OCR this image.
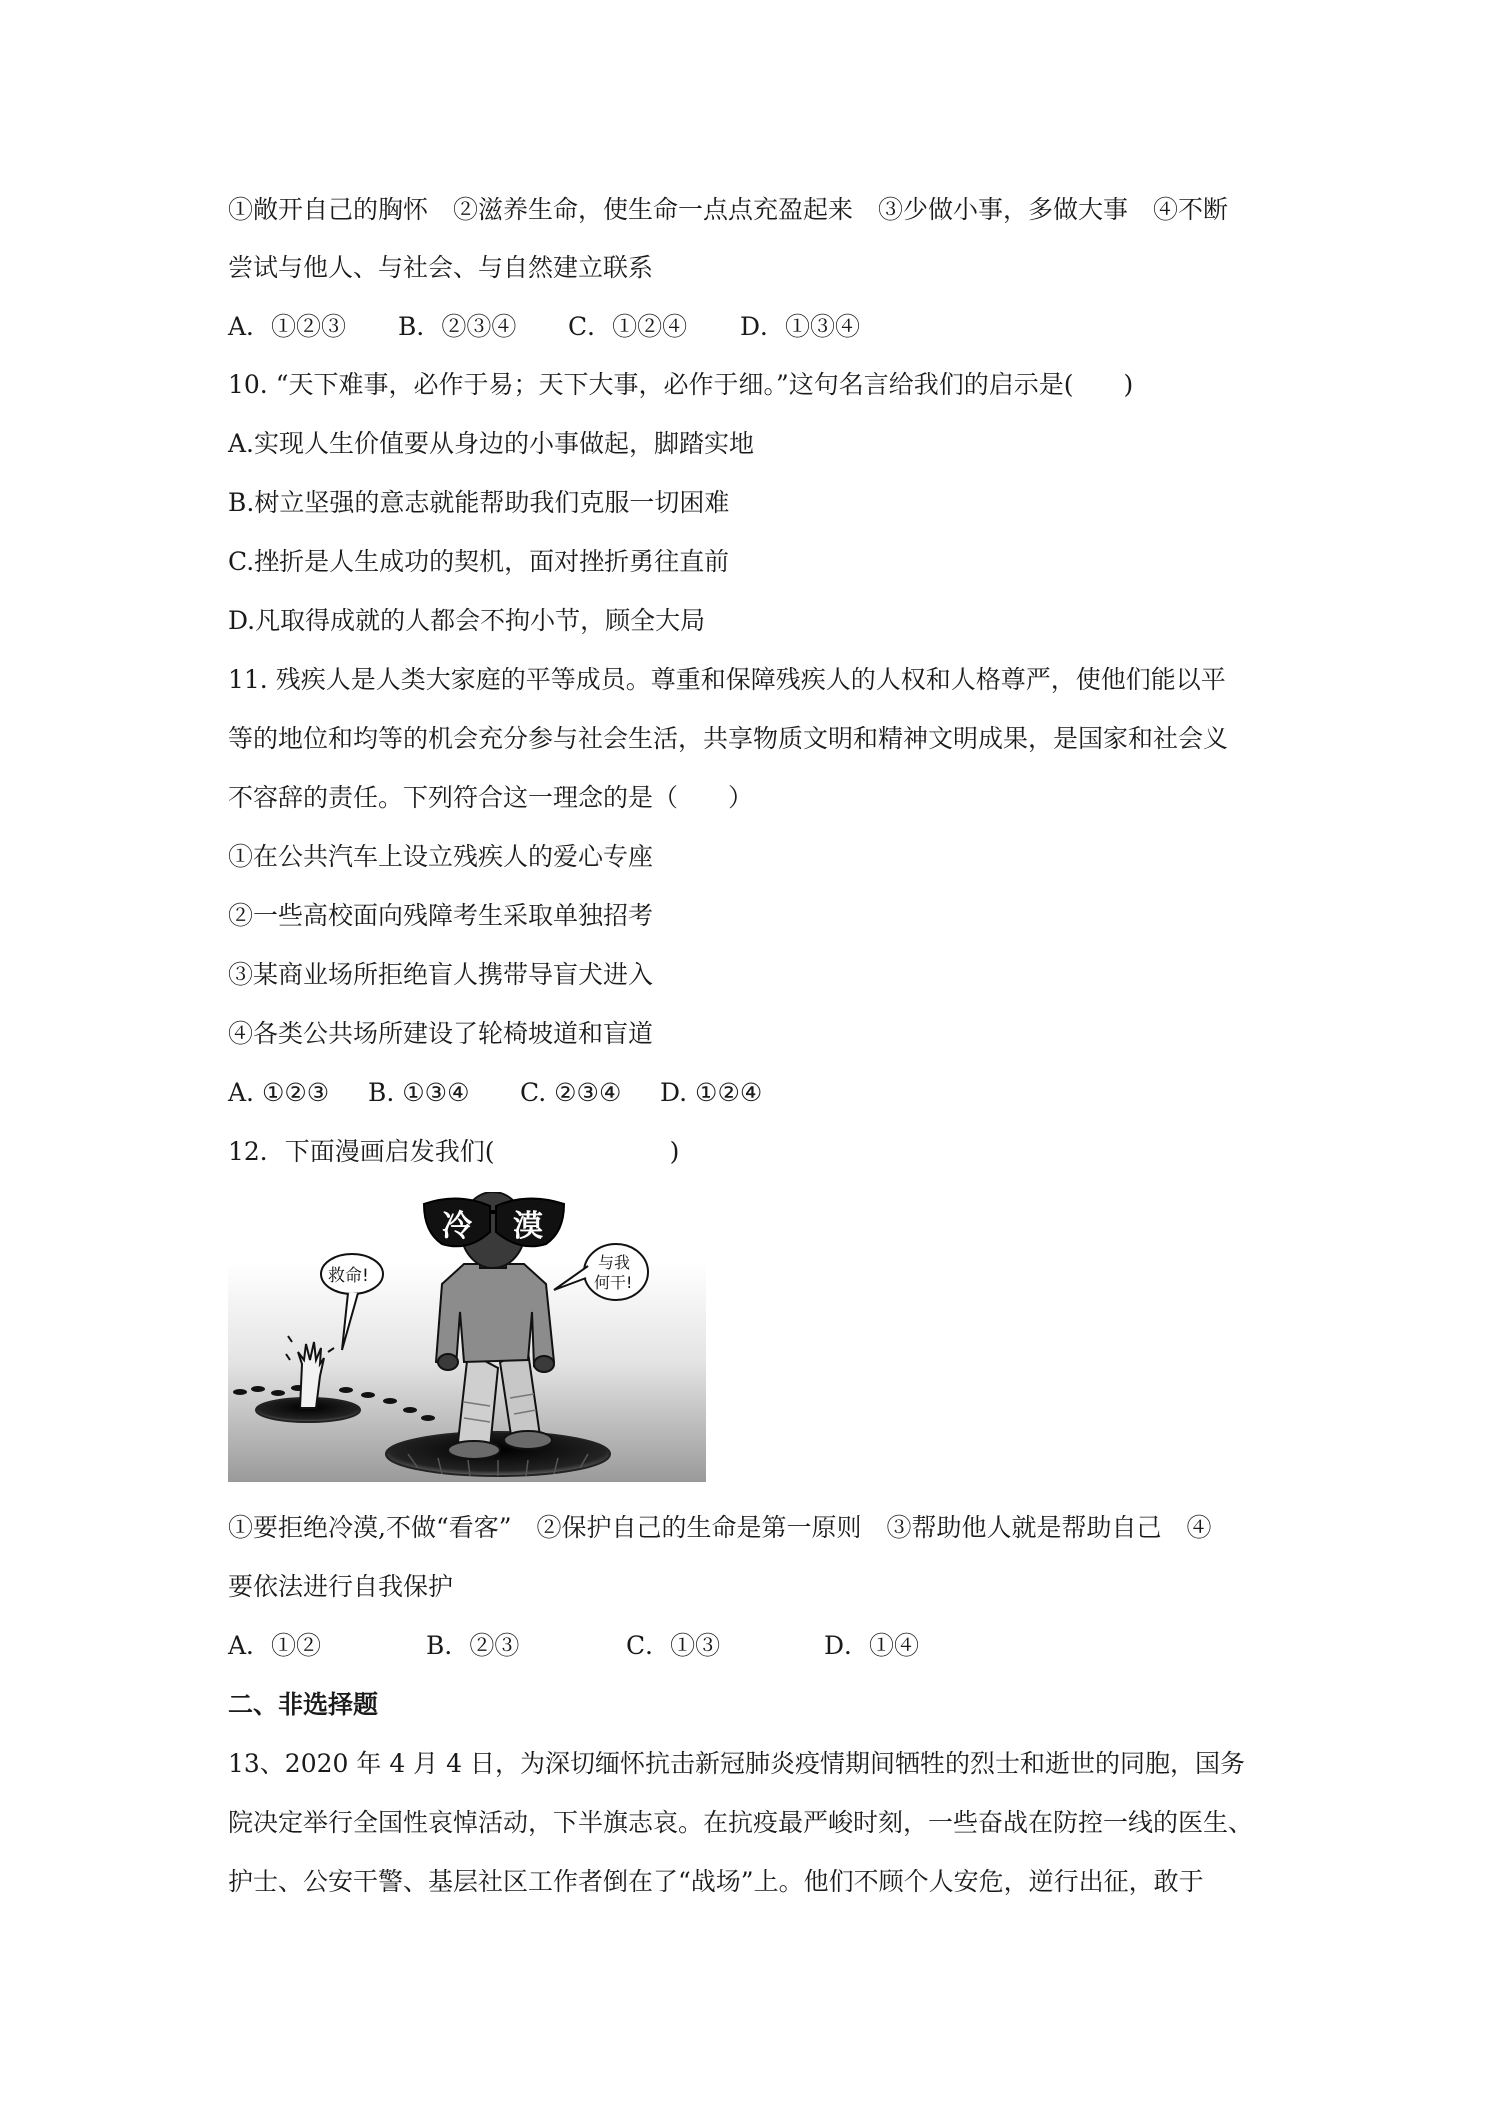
①敞开自己的胸怀　②滋养生命，使生命一点点充盈起来　③少做小事，多做大事　④不断
尝试与他人、与社会、与自然建立联系
A．①②③ B．②③④ C．①②④ D．①③④
10. “天下难事，必作于易；天下大事，必作于细。”这句名言给我们的启示是(　　)
A.实现人生价值要从身边的小事做起，脚踏实地
B.树立坚强的意志就能帮助我们克服一切困难
C.挫折是人生成功的契机，面对挫折勇往直前
D.凡取得成就的人都会不拘小节，顾全大局
11. 残疾人是人类大家庭的平等成员。尊重和保障残疾人的人权和人格尊严，使他们能以平
等的地位和均等的机会充分参与社会生活，共享物质文明和精神文明成果，是国家和社会义
不容辞的责任。下列符合这一理念的是（　　）
①在公共汽车上设立残疾人的爱心专座
②一些高校面向残障考生采取单独招考
③某商业场所拒绝盲人携带导盲犬进入
④各类公共场所建设了轮椅坡道和盲道
A. ①②③ B. ①③④ C. ②③④ D. ①②④
12．下面漫画启发我们(　　　　　　　)
冷 漠
救命!
与我
何干!
①要拒绝冷漠,不做“看客”　②保护自己的生命是第一原则　③帮助他人就是帮助自己　④
要依法进行自我保护
A．①②	B．②③	C．①③	D．①④
二、非选择题
13、2020 年 4 月 4 日，为深切缅怀抗击新冠肺炎疫情期间牺牲的烈士和逝世的同胞，国务
院决定举行全国性哀悼活动，下半旗志哀。在抗疫最严峻时刻，一些奋战在防控一线的医生、
护士、公安干警、基层社区工作者倒在了“战场”上。他们不顾个人安危，逆行出征，敢于
